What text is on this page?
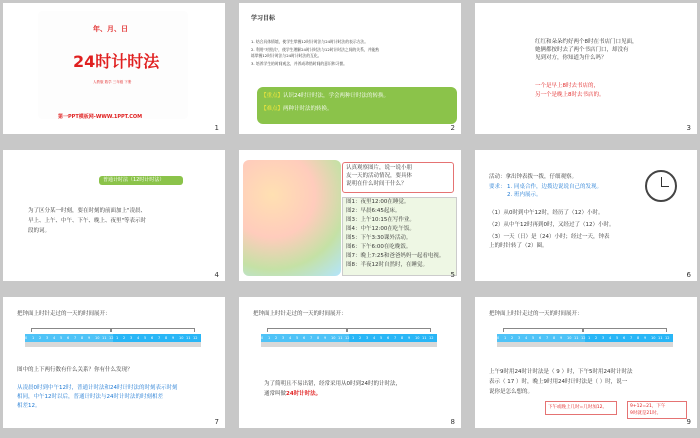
年、月、日
24时计时法
人教版 数学 三年级 下册
第一PPT模板网-WWW.1PPT.COM
1
学习目标
1. 结合具体情境，使学生掌握12时计时法与24时计时法的表示方法。
2. 利用"对照式"，使学生理解24时计时法与12时计时法之间的关系，并能熟
练掌握12时计时法与24时计时法的互化。
3. 培养学生的时间观念，并养成珍惜时间的意识和习惯。
【重点】认识24时计时法，学会两种计时法的转换。
【难点】两种计时法的转换。
2
红红和朵朵约好两个8时在书店门口见面，
她俩都按时去了两个书店门口，却没有
见到对方，你知道为什么吗？
一个是早上8时去书店的，
另一个是晚上8时去书店的。
3
普通计时法（12时计时法）
为了区分某一时刻，要在时刻的前面加上"凌晨、
早上、上午、中午、下午、晚上、夜里"等表示时
段的词。
4
认真观察图片，说一说小朋
友一天的活动情况，要具体
说明在什么时间干什么？
图1：夜里12:00在睡觉。
图2：早晨6:45起床。
图3：上午10:15在写作业。
图4：中午12:00在吃午饭。
图5：下午3:30课外活动。
图6：下午6:00在吃晚饭。
图7：晚上7:25和爸爸妈妈一起看电视。
图8：半夜12时自然时，在睡觉。
5
活动：拿出钟表拨一拨，仔细观察。
要求： 1. 同桌合作，边拨边说说自己的发现。
2. 班内展示。
（1）从0时到中午12时，经历了（12）小时。
（2）从中午12时再到0时，又经过了（12）小时。
（3）一天（日）是（24）小时；经过一天，钟表
上的时针转了（2）圈。
6
把钟面上时针走过的一天的时间展开：
图中的上下两行数有什么关系？你有什么发现？
从凌晨0时到中午12时，普通计时法和24时计时法的时刻表示时刻
相同，中午12时以后，普通计时法与24时计时法的时刻相差
相差12。
7
0 1 2 3 4 5 6 7 8 9 10 11 12 1 2 3 4 5 6 7 8 9 10 11 12
把钟面上时针走过的一天的时间展开：
为了简明且不易出错，经常采用从0时到24时的计时法，
通常叫做24时计时法。
8
0 1 2 3 4 5 6 7 8 9 10 11 12 1 2 3 4 5 6 7 8 9 10 11 12
把钟面上时针走过的一天的时间展开：
上午9时用24时计时法是（ 9 ）时，下午5时用24时计时法
表示（ 17 ）时，晚上9时用24时计时法是（ ）时，说一
说你是怎么想的。
下午或晚上几时=几时加12。	9+12=21，下午
9时就是21时。
9
0 1 2 3 4 5 6 7 8 9 10 11 12 1 2 3 4 5 6 7 8 9 10 11 12
